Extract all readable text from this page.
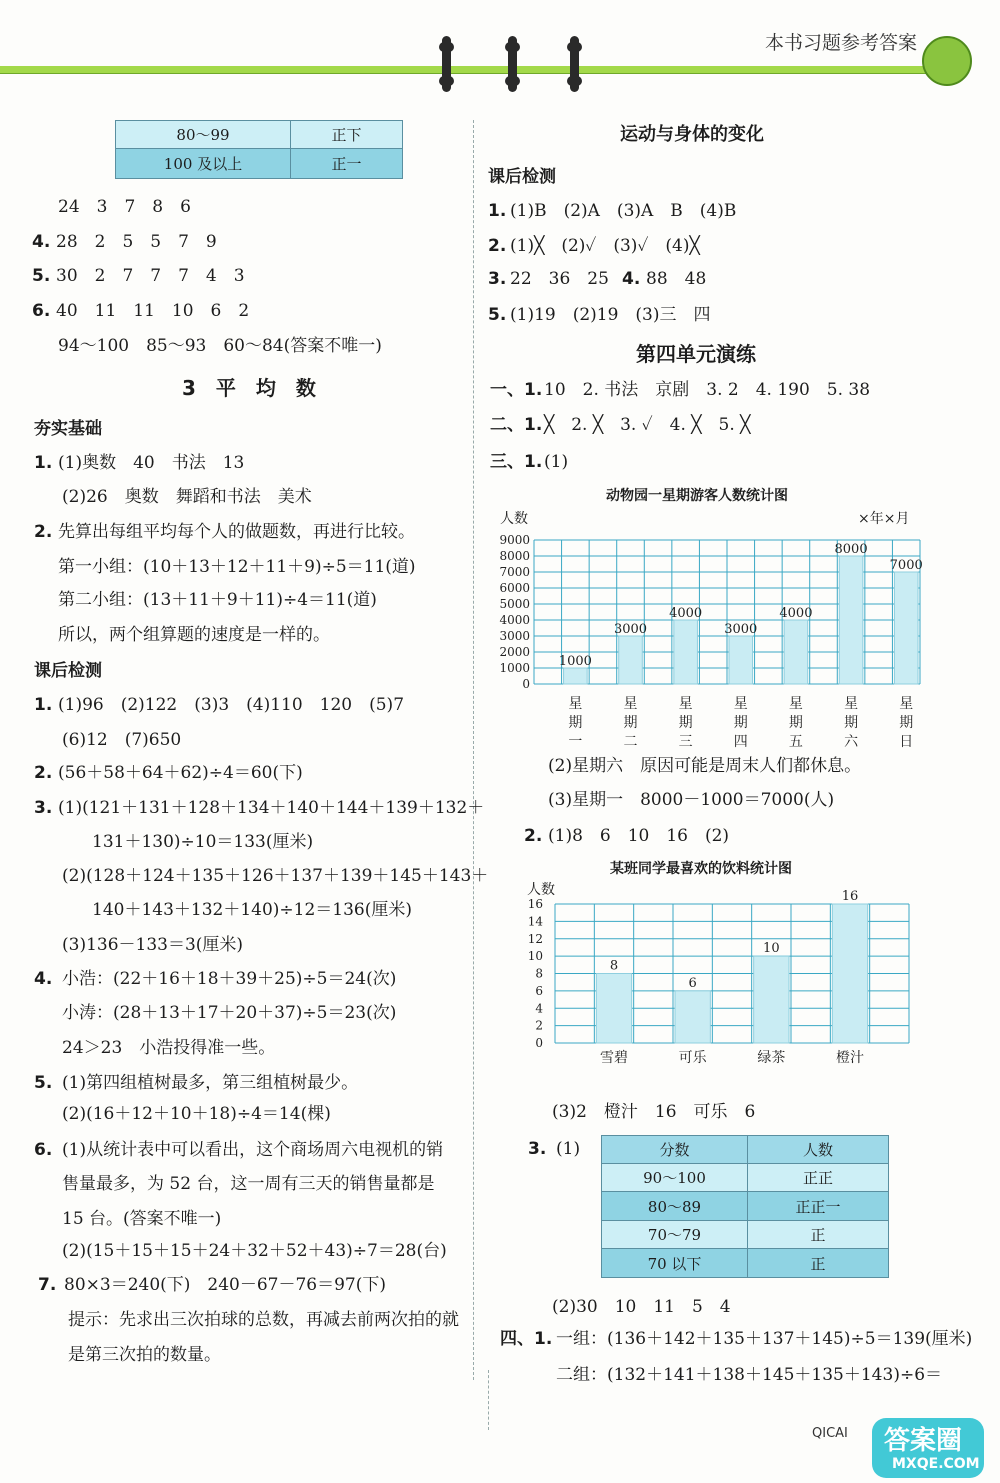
本书习题参考答案
80～99	正下
100 及以上	正一
24　3　7　8　6
4. 28　2　5　5　7　9
5. 30　2　7　7　7　4　3
6. 40　11　11　10　6　2
94～100　85～93　60～84(答案不唯一)
3　平　均　数
夯实基础
1. (1)奥数　40　书法　13
(2)26　奥数　舞蹈和书法　美术
2. 先算出每组平均每个人的做题数，再进行比较。
第一小组：(10＋13＋12＋11＋9)÷5＝11(道)
第二小组：(13＋11＋9＋11)÷4＝11(道)
所以，两个组算题的速度是一样的。
课后检测
1. (1)96　(2)122　(3)3　(4)110　120　(5)7
(6)12　(7)650
2. (56＋58＋64＋62)÷4＝60(下)
3. (1)(121＋131＋128＋134＋140＋144＋139＋132＋
131＋130)÷10＝133(厘米)
(2)(128＋124＋135＋126＋137＋139＋145＋143＋
140＋143＋132＋140)÷12＝136(厘米)
(3)136－133＝3(厘米)
4. 小浩：(22＋16＋18＋39＋25)÷5＝24(次)
小涛：(28＋13＋17＋20＋37)÷5＝23(次)
24＞23　小浩投得准一些。
5. (1)第四组植树最多，第三组植树最少。
(2)(16＋12＋10＋18)÷4＝14(棵)
6. (1)从统计表中可以看出，这个商场周六电视机的销
售量最多，为 52 台，这一周有三天的销售量都是
15 台。(答案不唯一)
(2)(15＋15＋15＋24＋32＋52＋43)÷7＝28(台)
7. 80×3＝240(下)　240－67－76＝97(下)
提示：先求出三次拍球的总数，再减去前两次拍的就
是第三次拍的数量。
运动与身体的变化
课后检测
1. (1)B　(2)A　(3)A　B　(4)B
2. (1)╳　(2)✓　(3)✓　(4)╳
3. 22　36　25 4. 88　48
5. (1)19　(2)19　(3)三　四
第四单元演练
一、1. 10　2. 书法　京剧　3. 2　4. 190　5. 38
二、1. ╳　2. ╳　3. ✓　4. ╳　5. ╳
三、1. (1)
动物园一星期游客人数统计图
人数	×年×月
0
1000
2000
3000
4000
5000
6000
7000
8000
9000
1000
星
期
一
3000
星
期
二
4000
星
期
三
3000
星
期
四
4000
星
期
五
8000
星
期
六
7000
星
期
日
(2)星期六　原因可能是周末人们都休息。
(3)星期一　8000－1000＝7000(人)
2. (1)8　6　10　16　(2)
某班同学最喜欢的饮料统计图
人数
0
2
4
6
8
10
12
14
16
8
雪碧
6
可乐
10
绿茶
16
橙汁
(3)2　橙汁　16　可乐　6
3. (1)	分数	人数
90～100	正正
80～89	正正一
70～79	正
70 以下	正
(2)30　10　11　5　4
四、1. 一组：(136＋142＋135＋137＋145)÷5＝139(厘米)
二组：(132＋141＋138＋145＋135＋143)÷6＝
QICAI 答案圈
MXQE.COM
